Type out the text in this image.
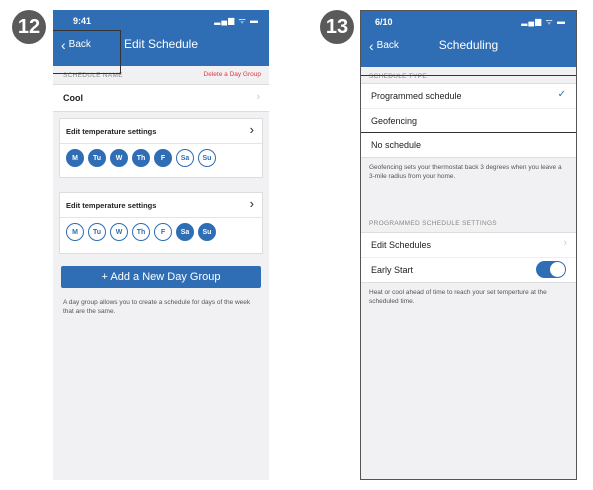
12	13
9:41	▂▄▆ ᯤ ▬
Edit Schedule
‹ Back
SCHEDULE NAME	Delete a Day Group
Cool	›
Edit temperature settings	›
M	Tu	W	Th	F	Sa	Su
Edit temperature settings	›
M	Tu	W	Th	F	Sa	Su
+ Add a New Day Group
A day group allows you to create a schedule for days of the week that are the same.
6/10	▂▄▆ ᯤ ▬
Scheduling
‹ Back
SCHEDULE TYPE
Programmed schedule	✓
Geofencing
No schedule
Geofencing sets your thermostat back 3 degrees when you leave a 3-mile radius from your home.
PROGRAMMED SCHEDULE SETTINGS
Edit Schedules	›
Early Start
Heat or cool ahead of time to reach your set temperture at the scheduled time.
